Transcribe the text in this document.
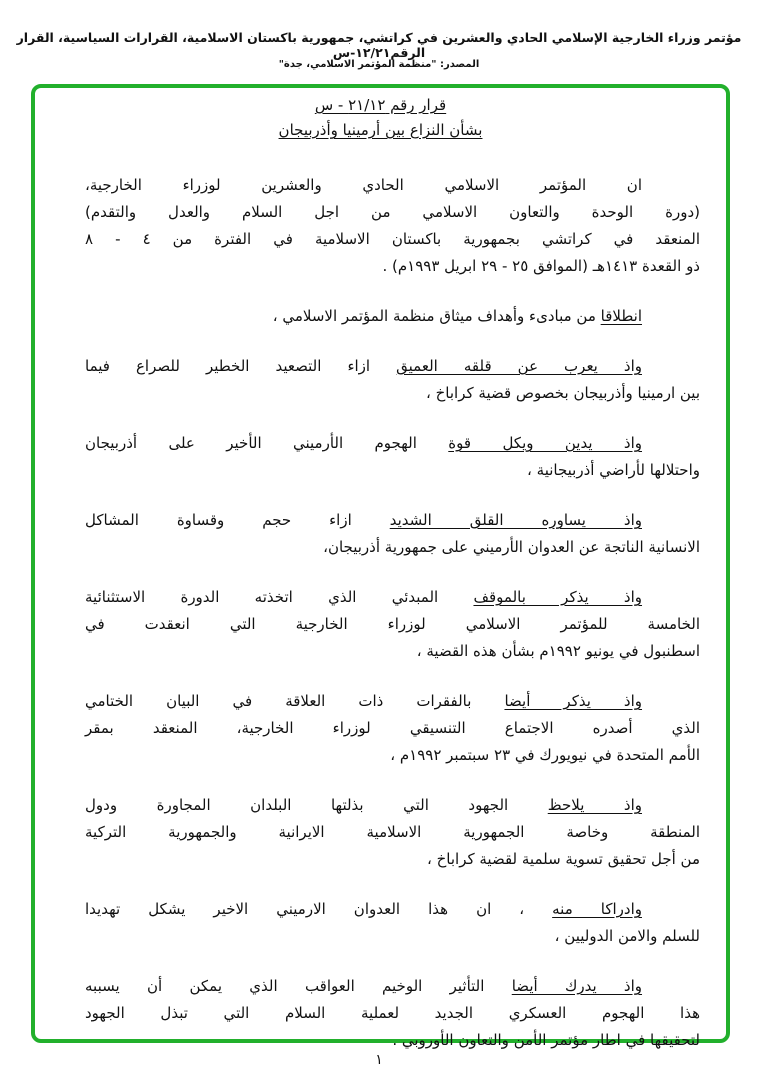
مؤتمر وزراء الخارجية الإسلامي الحادي والعشرين في كراتشي، جمهورية باكستان الاسلامية، القرارات السياسية، القرار الرقم١٢/٢١-س
المصدر: "منظمة المؤتمر الاسلامي، جدة"
قرار رقم ٢١/١٢ - س
بشأن النزاع بين أرمينيا وأذربيجان
ان المؤتمر الاسلامي الحادي والعشرين لوزراء الخارجية،
(دورة الوحدة والتعاون الاسلامي من اجل السلام والعدل والتقدم)
المنعقد في كراتشي بجمهورية باكستان الاسلامية في الفترة من ٤ - ٨
ذو القعدة ١٤١٣هـ (الموافق ٢٥ - ٢٩ ابريل ١٩٩٣م) .
انطلاقا من مبادىء وأهداف ميثاق منظمة المؤتمر الاسلامي ،
واذ يعرب عن قلقه العميق ازاء التصعيد الخطير للصراع فيما
بين ارمينيا وأذربيجان بخصوص قضية كراباخ ،
واذ يدين ويكل قوة الهجوم الأرميني الأخير على أذربيجان
واحتلالها لأراضي أذربيجانية ،
واذ يساوره القلق الشديد ازاء حجم وقساوة المشاكل
الانسانية الناتجة عن العدوان الأرميني على جمهورية أذربيجان،
واذ يذكر بالموقف المبدئي الذي اتخذته الدورة الاستثنائية
الخامسة للمؤتمر الاسلامي لوزراء الخارجية التي انعقدت في
اسطنبول في يونيو ١٩٩٢م بشأن هذه القضية ،
واذ يذكر أيضا بالفقرات ذات العلاقة في البيان الختامي
الذي أصدره الاجتماع التنسيقي لوزراء الخارجية، المنعقد بمقر
الأمم المتحدة في نيويورك في ٢٣ سبتمبر ١٩٩٢م ،
واذ يلاحظ الجهود التي بذلتها البلدان المجاورة ودول
المنطقة وخاصة الجمهورية الاسلامية الايرانية والجمهورية التركية
من أجل تحقيق تسوية سلمية لقضية كراباخ ،
وادراكا منه ، ان هذا العدوان الارميني الاخير يشكل تهديدا
للسلم والامن الدوليين ،
واذ يدرك أيضا التأثير الوخيم العواقب الذي يمكن أن يسببه
هذا الهجوم العسكري الجديد لعملية السلام التي تبذل الجهود
لتحقيقها في اطار مؤتمر الأمن والتعاون الأوروبي .
١
